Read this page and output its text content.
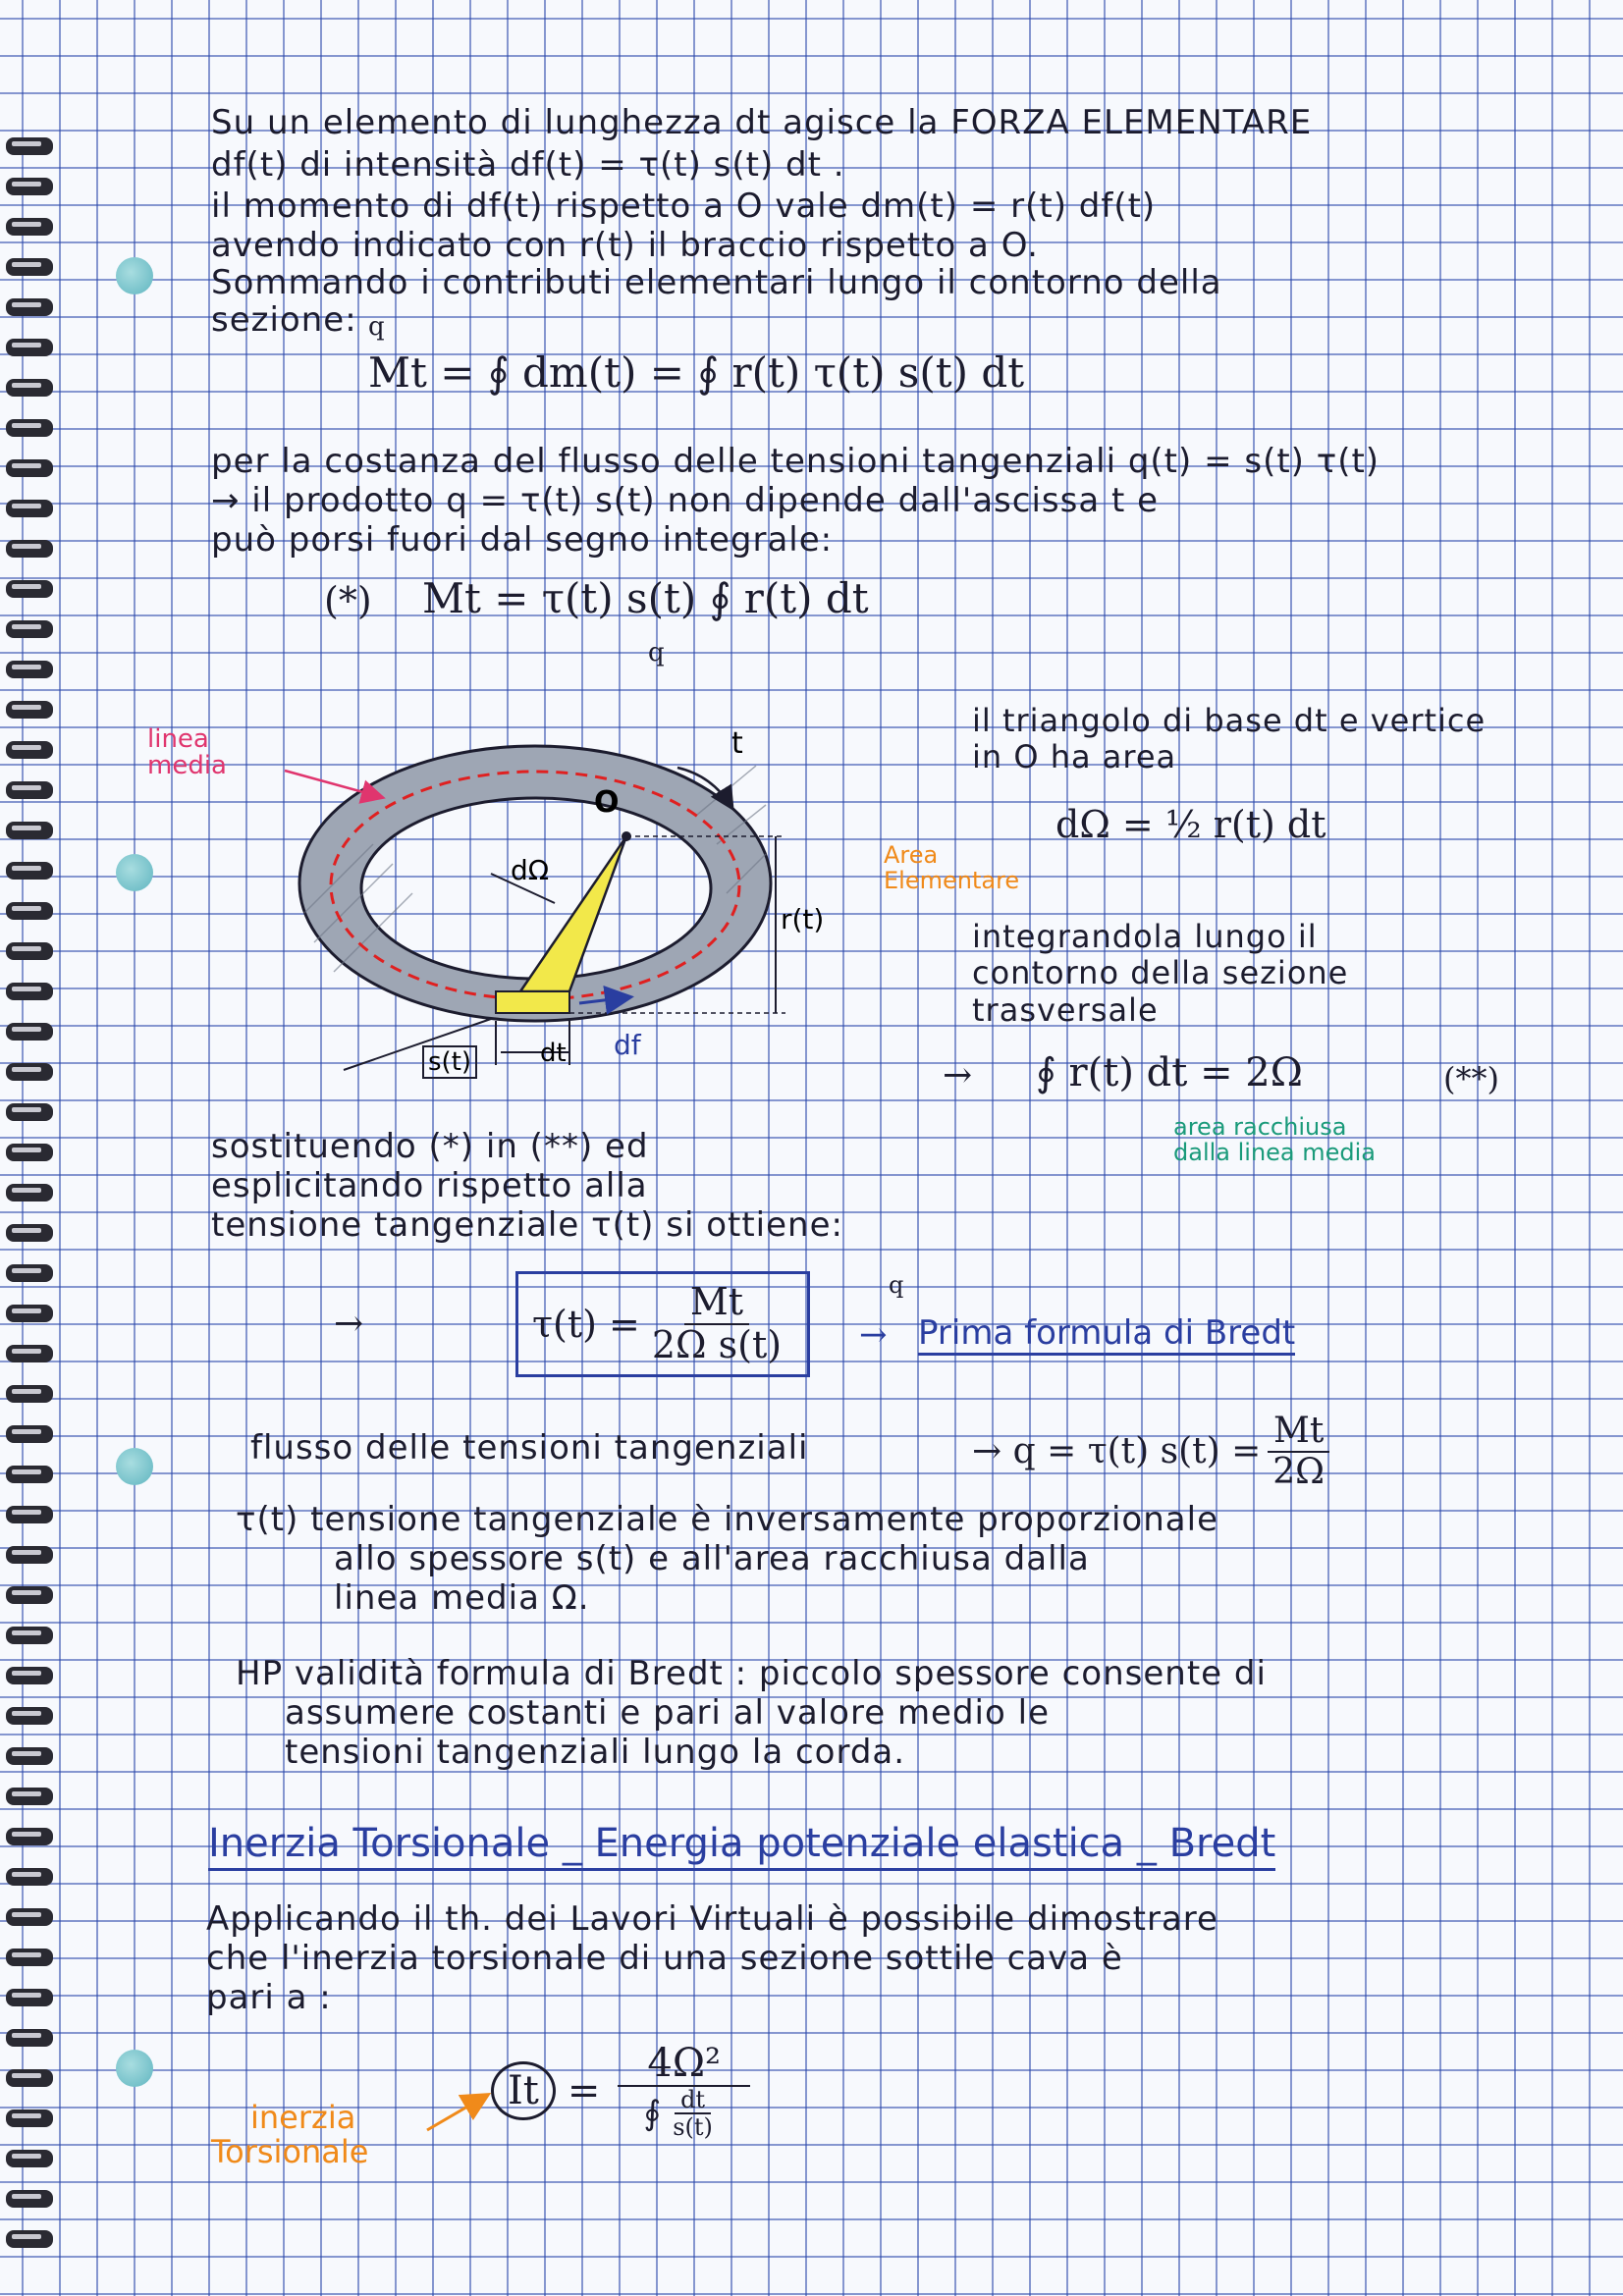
Su un elemento di lunghezza dt agisce la FORZA ELEMENTARE
df(t) di intensità df(t) = τ(t) s(t) dt .
il momento di df(t) rispetto a O vale dm(t) = r(t) df(t)
avendo indicato con r(t) il braccio rispetto a O.
Sommando i contributi elementari lungo il contorno della
sezione: q
Mt = ∮ dm(t) = ∮ r(t) τ(t) s(t) dt
per la costanza del flusso delle tensioni tangenziali q(t) = s(t) τ(t)
→ il prodotto q = τ(t) s(t) non dipende dall'ascissa t e
può porsi fuori dal segno integrale:
(*) Mt = τ(t) s(t) ∮ r(t) dt
q
il triangolo di base dt e vertice
in O ha area
dΩ = ½ r(t) dt
Area
Elementare
integrandola lungo il
contorno della sezione
trasversale
→ ∮ r(t) dt = 2Ω	(**)
area racchiusa
dalla linea media
linea
media
O
t
dΩ
r(t)
s(t)	dt df
sostituendo (*) in (**) ed
esplicitando rispetto alla
tensione tangenziale τ(t) si ottiene:
→	$\tau(t) = \frac{Mt}{\text{2Ω s(t)}}$	q
→ Prima formula di Bredt
flusso delle tensioni tangenziali	→ q = τ(t) $s(t) = \frac{Mt}{2\Omega}$
τ(t) tensione tangenziale è inversamente proporzionale
allo spessore s(t) e all'area racchiusa dalla
linea media Ω.
HP validità formula di Bredt : piccolo spessore consente di
assumere costanti e pari al valore medio le
tensioni tangenziali lungo la corda.
Inerzia Torsionale _ Energia potenziale elastica _ Bredt
Applicando il th. dei Lavori Virtuali è possibile dimostrare
che l'inerzia torsionale di una sezione sottile cava è
pari a :
$It = \frac{\text{4Ω²}}{∮ \frac{dt}{s(t)}}$
inerzia
Torsionale
